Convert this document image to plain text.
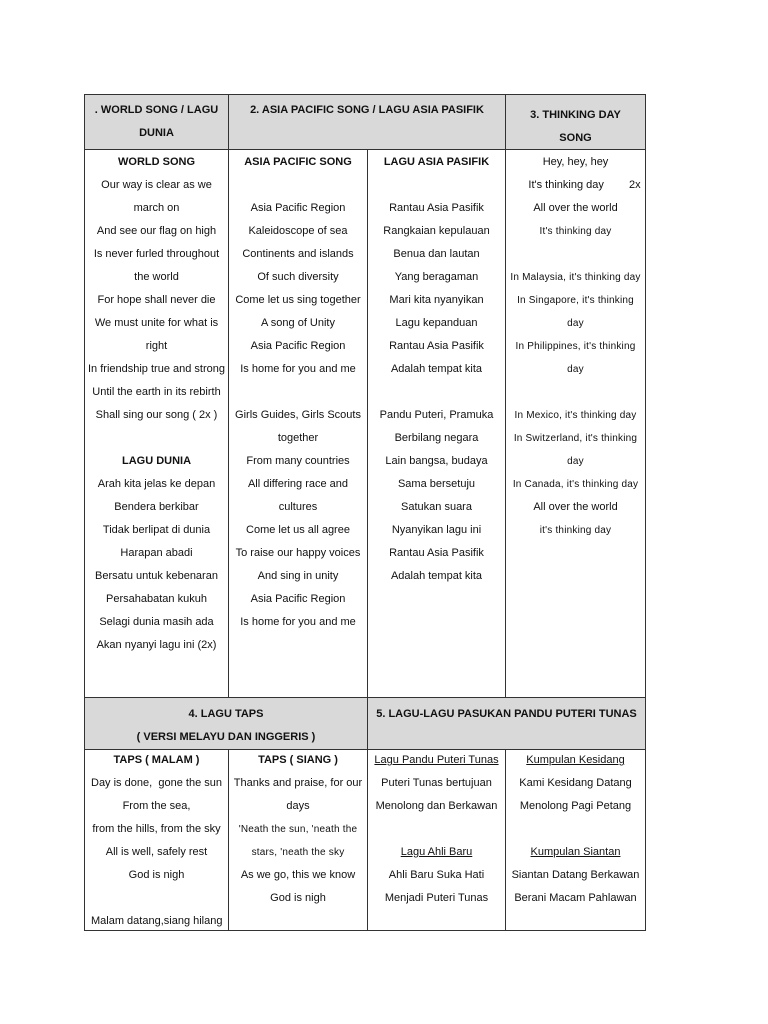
. WORLD SONG / LAGU
DUNIA
2. ASIA PACIFIC SONG / LAGU ASIA PASIFIK	3. THINKING DAY
SONG
WORLD SONG
Our way is clear as we
march on
And see our flag on high
Is never furled throughout
the world
For hope shall never die
We must unite for what is
right
In friendship true and strong
Until the earth in its rebirth
Shall sing our song ( 2x )
LAGU DUNIA
Arah kita jelas ke depan
Bendera berkibar
Tidak berlipat di dunia
Harapan abadi
Bersatu untuk kebenaran
Persahabatan kukuh
Selagi dunia masih ada
Akan nyanyi lagu ini (2x)
ASIA PACIFIC SONG
Asia Pacific Region
Kaleidoscope of sea
Continents and islands
Of such diversity
Come let us sing together
A song of Unity
Asia Pacific Region
Is home for you and me
Girls Guides, Girls Scouts
together
From many countries
All differing race and
cultures
Come let us all agree
To raise our happy voices
And sing in unity
Asia Pacific Region
Is home for you and me
LAGU ASIA PASIFIK
Rantau Asia Pasifik
Rangkaian kepulauan
Benua dan lautan
Yang beragaman
Mari kita nyanyikan
Lagu kepanduan
Rantau Asia Pasifik
Adalah tempat kita
Pandu Puteri, Pramuka
Berbilang negara
Lain bangsa, budaya
Sama bersetuju
Satukan suara
Nyanyikan lagu ini
Rantau Asia Pasifik
Adalah tempat kita
Hey, hey, hey
It's thinking day 2x
All over the world
It's thinking day
In Malaysia, it's thinking day
In Singapore, it's thinking
day
In Philippines, it's thinking
day
In Mexico, it's thinking day
In Switzerland, it's thinking
day
In Canada, it's thinking day
All over the world
it's thinking day
4. LAGU TAPS
( VERSI MELAYU DAN INGGERIS )
5. LAGU-LAGU PASUKAN PANDU PUTERI TUNAS
TAPS ( MALAM )
Day is done, gone the sun
From the sea,
from the hills, from the sky
All is well, safely rest
God is nigh
Malam datang, siang hilang
TAPS ( SIANG )
Thanks and praise, for our
days
'Neath the sun, 'neath the
stars, 'neath the sky
As we go, this we know
God is nigh
Lagu Pandu Puteri Tunas
Puteri Tunas bertujuan
Menolong dan Berkawan
Lagu Ahli Baru
Ahli Baru Suka Hati
Menjadi Puteri Tunas
Kumpulan Kesidang
Kami Kesidang Datang
Menolong Pagi Petang
Kumpulan Siantan
Siantan Datang Berkawan
Berani Macam Pahlawan
